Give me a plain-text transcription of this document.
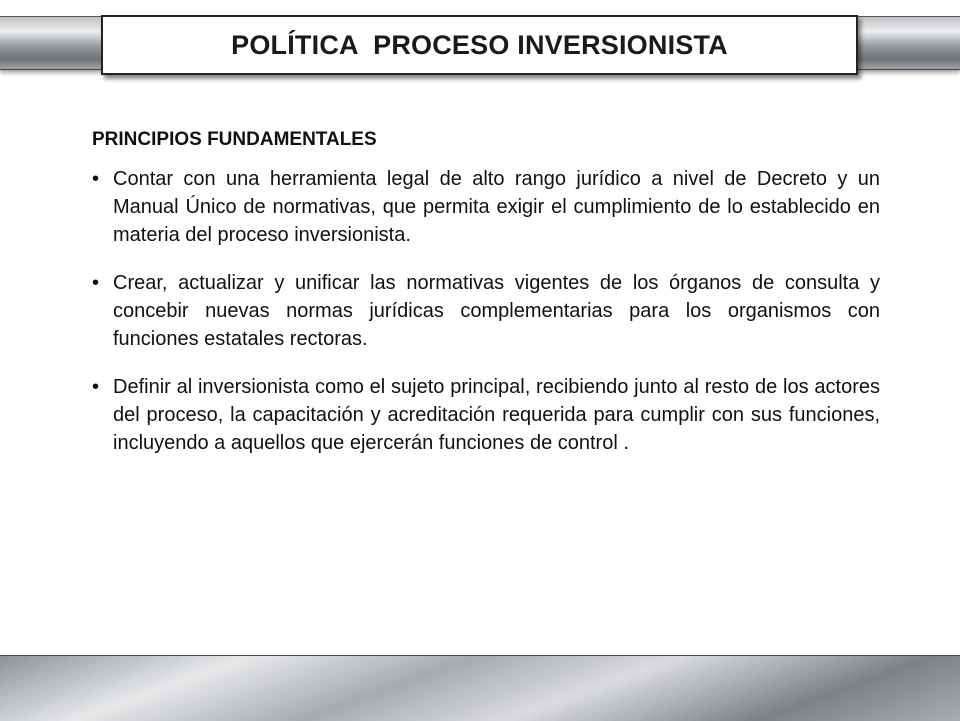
POLÍTICA  PROCESO INVERSIONISTA
PRINCIPIOS FUNDAMENTALES
• Contar con una herramienta legal de alto rango jurídico a nivel de Decreto y un Manual Único de normativas, que permita exigir el cumplimiento de lo establecido en materia del proceso inversionista.
• Crear, actualizar y unificar las normativas vigentes de los órganos de consulta y concebir nuevas normas jurídicas complementarias para los organismos con funciones estatales rectoras.
• Definir al inversionista como el sujeto principal, recibiendo junto al resto de los actores del proceso, la capacitación y acreditación requerida para cumplir con sus funciones, incluyendo a aquellos que ejercerán funciones de control .
